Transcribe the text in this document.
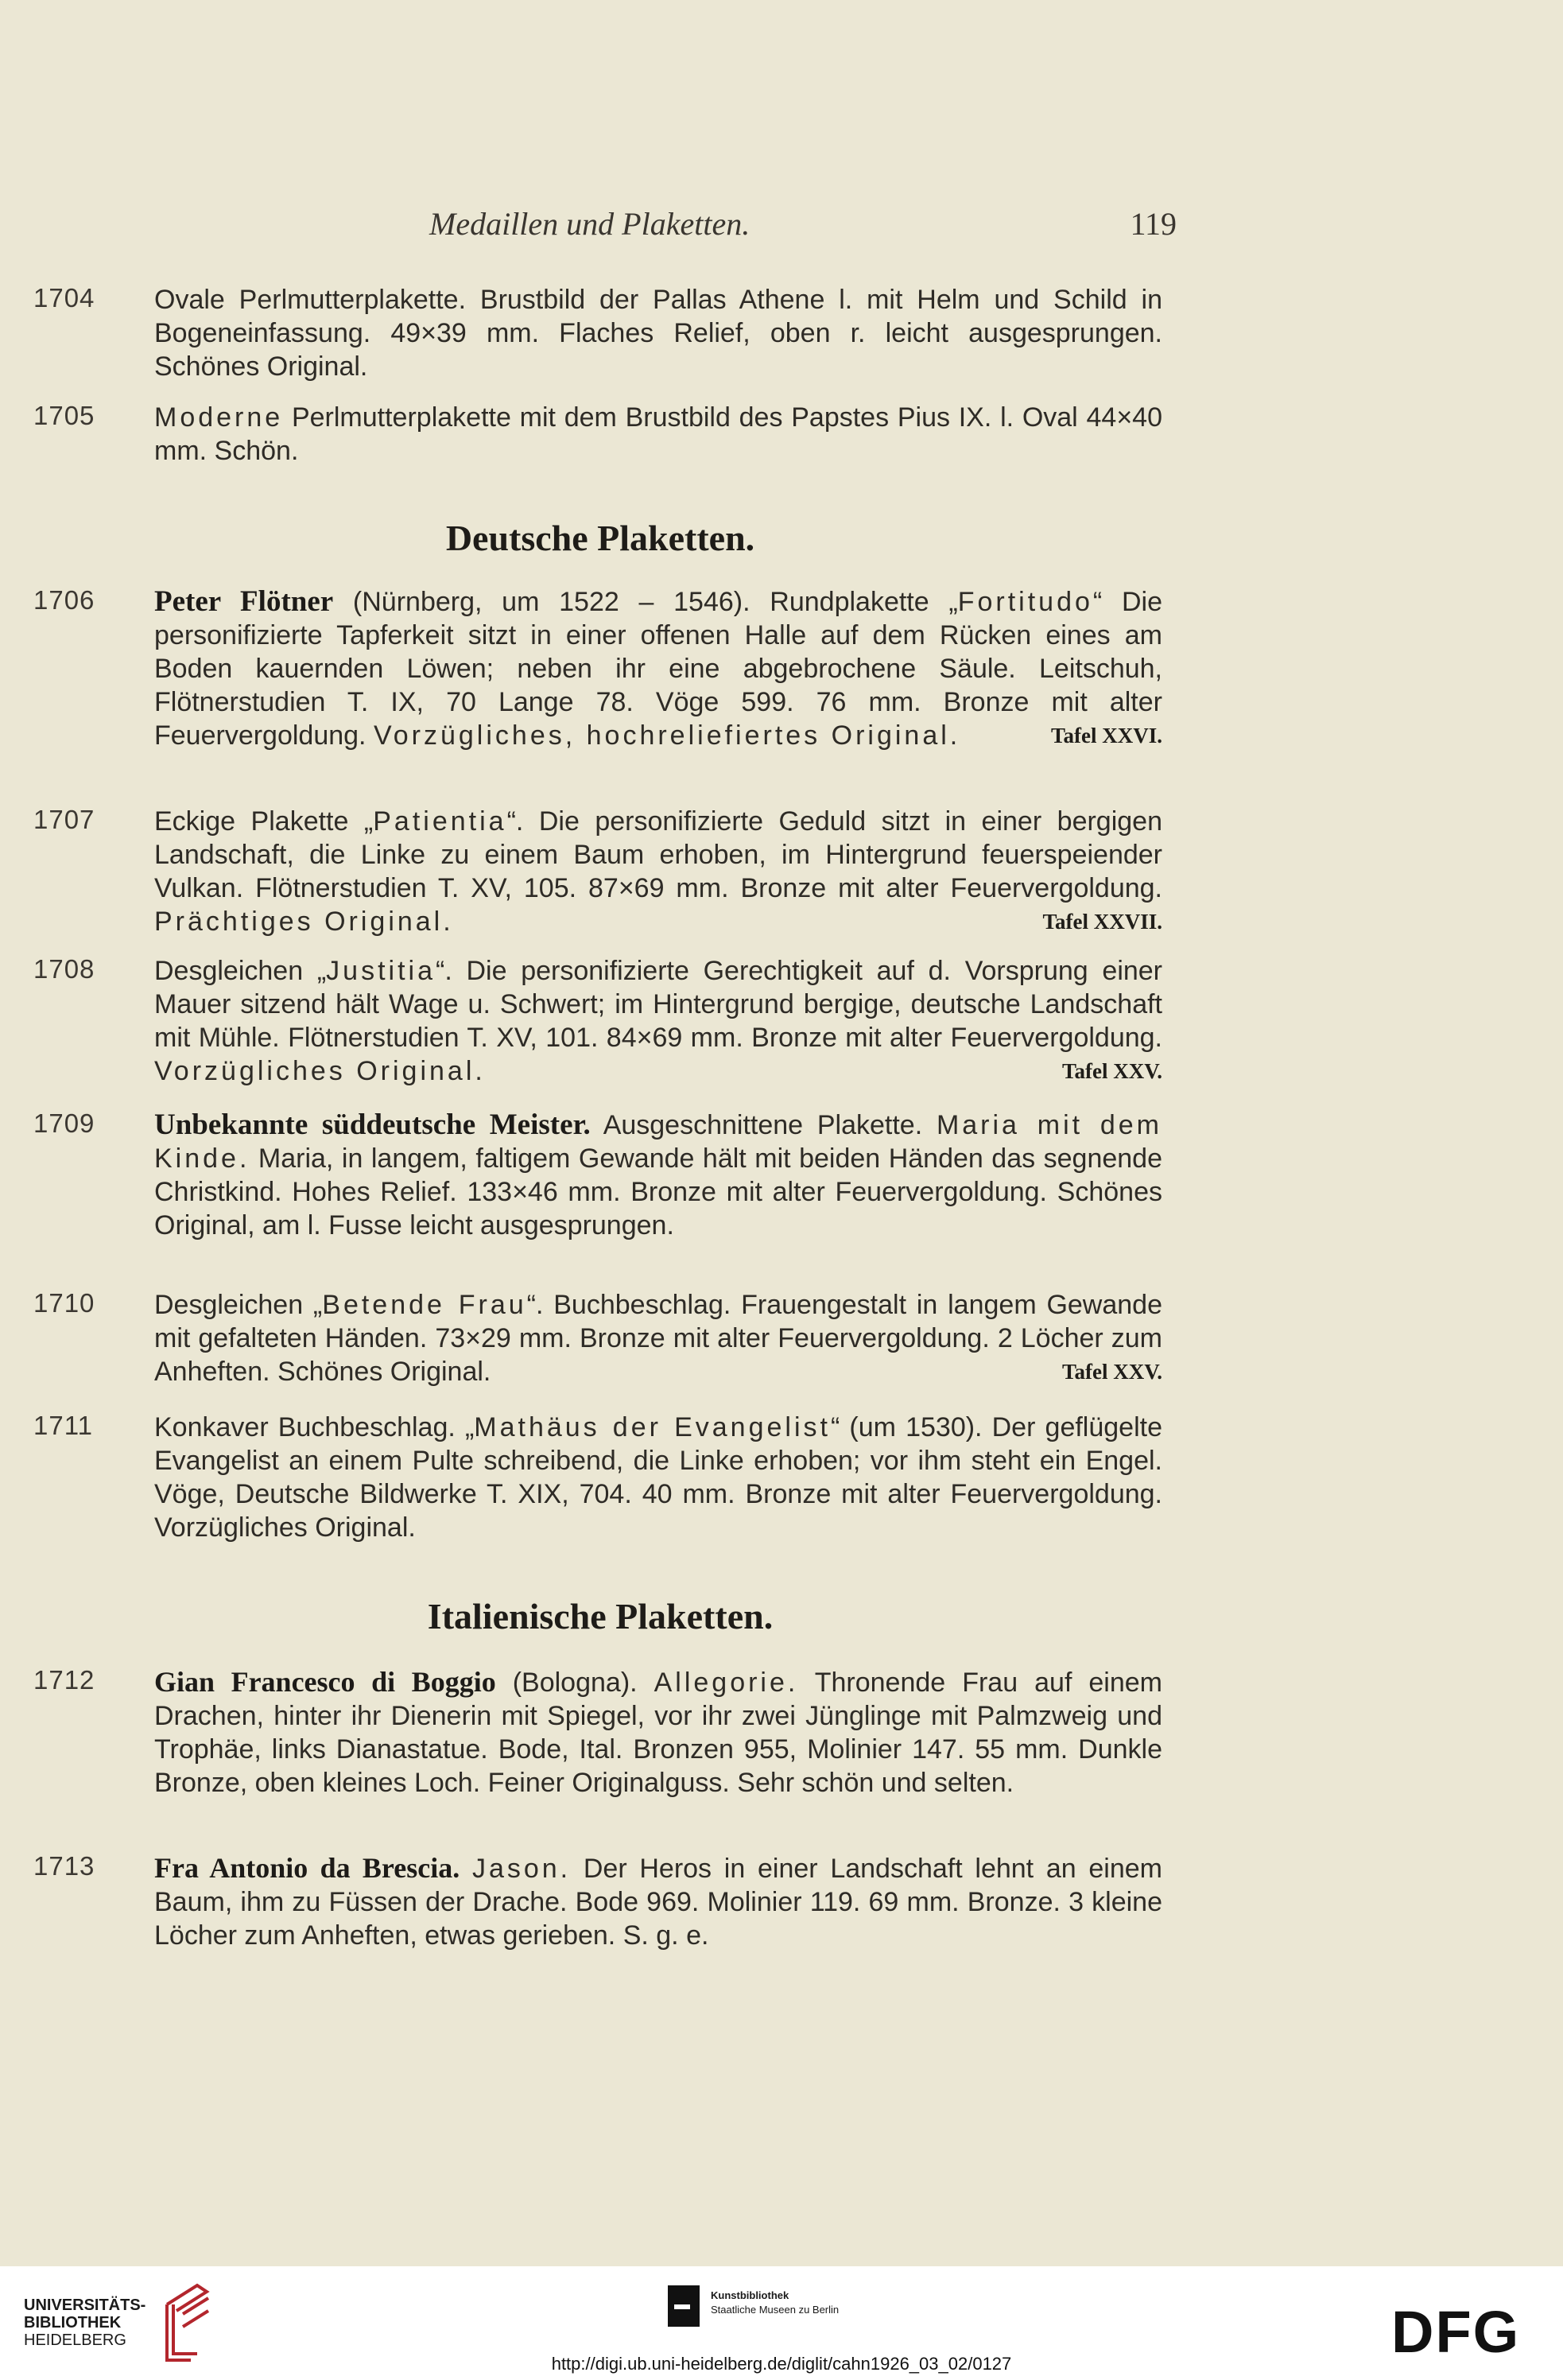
Medaillen und Plaketten.	119
1704	Ovale Perlmutterplakette. Brustbild der Pallas Athene l. mit Helm und Schild in Bogeneinfassung. 49×39 mm. Flaches Relief, oben r. leicht ausgesprungen. Schönes Original.
1705	Moderne Perlmutterplakette mit dem Brustbild des Papstes Pius IX. l. Oval 44×40 mm. Schön.
Deutsche Plaketten.
1706	Peter Flötner (Nürnberg, um 1522 – 1546). Rundplakette „Fortitudo“ Die personifizierte Tapferkeit sitzt in einer offenen Halle auf dem Rücken eines am Boden kauernden Löwen; neben ihr eine abgebrochene Säule. Leitschuh, Flötnerstudien T. IX, 70 Lange 78. Vöge 599. 76 mm. Bronze mit alter Feuervergoldung. Vorzügliches, hochreliefiertes Original.	Tafel XXVI.
1707	Eckige Plakette „Patientia“. Die personifizierte Geduld sitzt in einer bergigen Landschaft, die Linke zu einem Baum erhoben, im Hintergrund feuerspeiender Vulkan. Flötnerstudien T. XV, 105. 87×69 mm. Bronze mit alter Feuervergoldung. Prächtiges Original.	Tafel XXVII.
1708	Desgleichen „Justitia“. Die personifizierte Gerechtigkeit auf d. Vorsprung einer Mauer sitzend hält Wage u. Schwert; im Hintergrund bergige, deutsche Landschaft mit Mühle. Flötnerstudien T. XV, 101. 84×69 mm. Bronze mit alter Feuervergoldung. Vorzügliches Original.	Tafel XXV.
1709	Unbekannte süddeutsche Meister. Ausgeschnittene Plakette. Maria mit dem Kinde. Maria, in langem, faltigem Gewande hält mit beiden Händen das segnende Christkind. Hohes Relief. 133×46 mm. Bronze mit alter Feuervergoldung. Schönes Original, am l. Fusse leicht ausgesprungen.
1710	Desgleichen „Betende Frau“. Buchbeschlag. Frauengestalt in langem Gewande mit gefalteten Händen. 73×29 mm. Bronze mit alter Feuervergoldung. 2 Löcher zum Anheften. Schönes Original.	Tafel XXV.
1711	Konkaver Buchbeschlag. „Mathäus der Evangelist“ (um 1530). Der geflügelte Evangelist an einem Pulte schreibend, die Linke erhoben; vor ihm steht ein Engel. Vöge, Deutsche Bildwerke T. XIX, 704. 40 mm. Bronze mit alter Feuervergoldung. Vorzügliches Original.
Italienische Plaketten.
1712	Gian Francesco di Boggio (Bologna). Allegorie. Thronende Frau auf einem Drachen, hinter ihr Dienerin mit Spiegel, vor ihr zwei Jünglinge mit Palmzweig und Trophäe, links Dianastatue. Bode, Ital. Bronzen 955, Molinier 147. 55 mm. Dunkle Bronze, oben kleines Loch. Feiner Originalguss. Sehr schön und selten.
1713	Fra Antonio da Brescia. Jason. Der Heros in einer Landschaft lehnt an einem Baum, ihm zu Füssen der Drache. Bode 969. Molinier 119. 69 mm. Bronze. 3 kleine Löcher zum Anheften, etwas gerieben. S. g. e.
UNIVERSITÄTS-
BIBLIOTHEK
HEIDELBERG
Kunstbibliothek
Staatliche Museen zu Berlin	DFG
http://digi.ub.uni-heidelberg.de/diglit/cahn1926_03_02/0127
